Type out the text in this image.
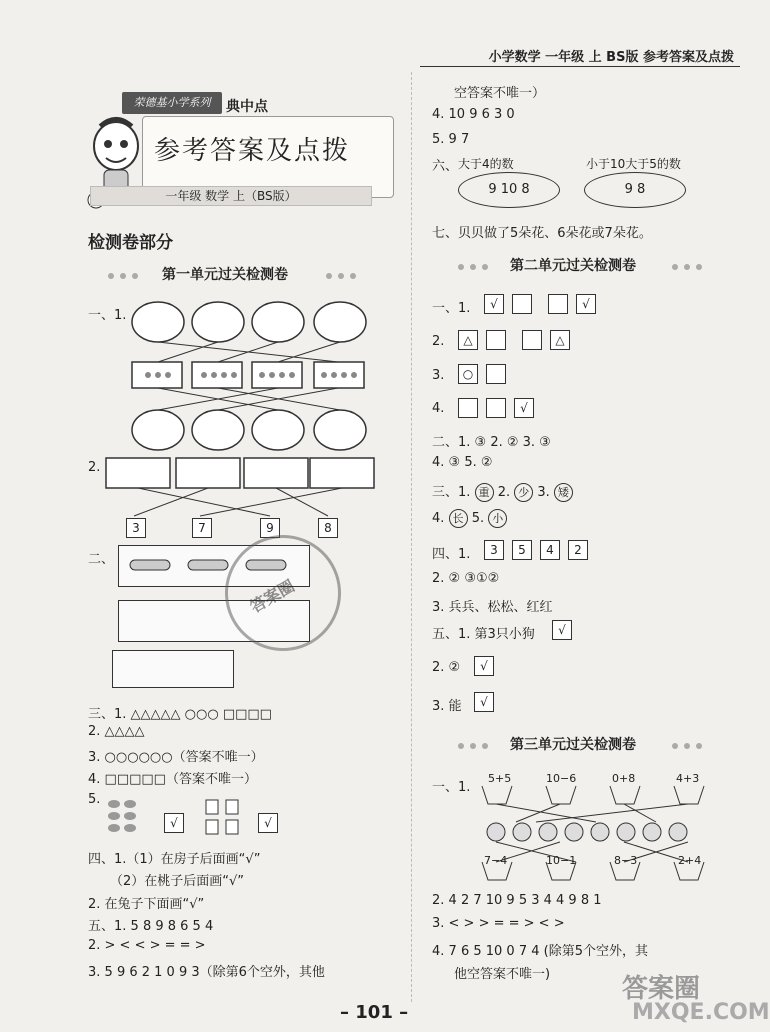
小学数学 一年级 上 BS版 参考答案及点拨
荣德基小学系列	典中点
参考答案及点拨
一年级 数学 上（BS版）
检测卷部分
第一单元过关检测卷
一、1.
2.
3	7	9	8
二、
答案圈
三、1. △△△△△ ○○○ □□□□
2. △△△△
3. ○○○○○○（答案不唯一）
4. □□□□□（答案不唯一）
5.
√	√
四、1.（1）在房子后面画“√”
（2）在桃子后面画“√”
2. 在兔子下面画“√”
五、1. 5 8 9 8 6 5 4
2. > < < > = = >
3. 5 9 6 2 1 0 9 3（除第6个空外，其他
空答案不唯一）
4. 10 9 6 3 0
5. 9 7
六、 大于4的数	小于10大于5的数
9 10 8	9 8
七、贝贝做了5朵花、6朵花或7朵花。
第二单元过关检测卷
一、1.	√	√
2.	△	△
3.	○
4.	√
二、1. ③ 2. ② 3. ③
4. ③ 5. ②
三、1. 重 2. 少 3. 矮
4. 长 5. 小
四、1.	3	5	4	2
2. ② ③①②
3. 兵兵、松松、红红
五、1. 第3只小狗	√
2. ②	√
3. 能	√
第三单元过关检测卷
一、1.
5+5	10−6	0+8	4+3
7−4	10−1	8−3	2+4
2. 4 2 7 10 9 5 3 4 4 9 8 1
3. < > > = = > < >
4. 7 6 5 10 0 7 4 (除第5个空外，其
他空答案不唯一)
– 101 –
答案圈
MXQE.COM
